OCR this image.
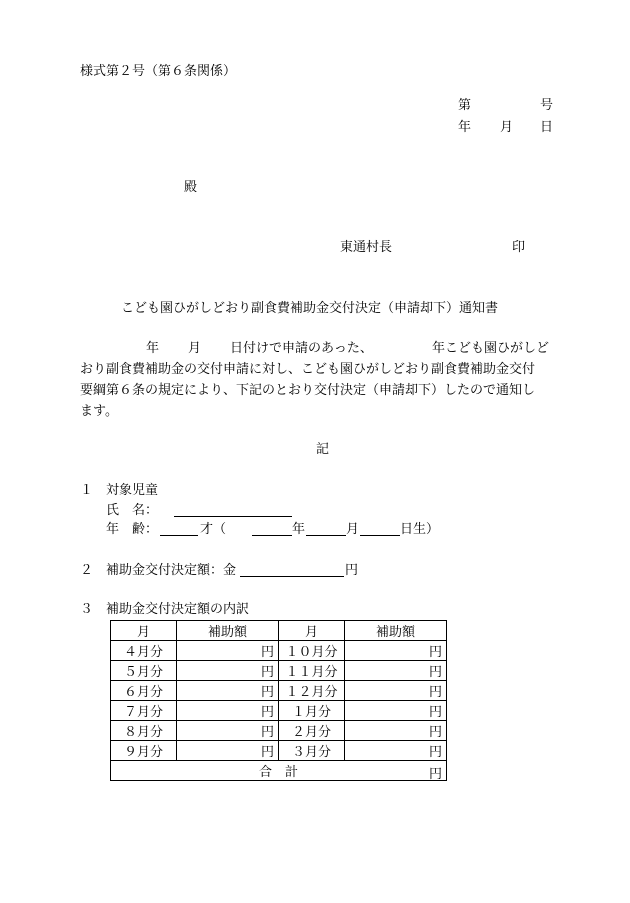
様式第２号（第６条関係）
第	号
年 月 日
殿
東通村長	印
こども園ひがしどおり副食費補助金交付決定（申請却下）通知書
年 月 日付けで申請のあった、	年こども園ひがしど
おり副食費補助金の交付申請に対し、こども園ひがしどおり副食費補助金交付
要綱第６条の規定により、下記のとおり交付決定（申請却下）したので通知し
ます。
記
１ 対象児童
氏　名：
年　齢：	才（	年	月	日生）
２ 補助金交付決定額：金	円
３ 補助金交付決定額の内訳
月	補助額	月	補助額
４月分	円	１０月分	円
５月分	円	１１月分	円
６月分	円	１２月分	円
７月分	円	１月分	円
８月分	円	２月分	円
９月分	円	３月分	円

合　計 円			
